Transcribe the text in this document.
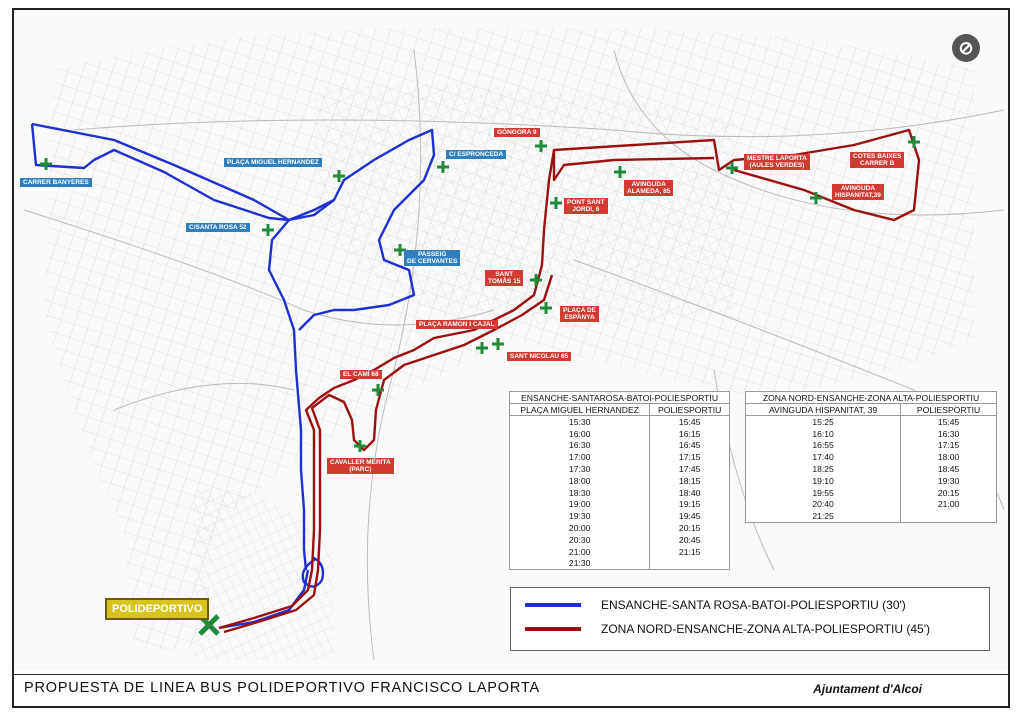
⊘
CARRER BANYERES
PLAÇA MIGUEL HERNANDEZ
C/ ESPRONCEDA
C/SANTA ROSA 52
PASSEIG
DE CERVANTES
GÓNGORA 9
AVINGUDA
ALAMEDA, 85
PONT SANT
JORDI, 6
SANT
TOMÀS 15
PLAÇA DE
ESPANYA
PLAÇA RAMON I CAJAL
SANT NICOLAU 65
EL CAMÍ 68
CAVALLER MÉRITA
(PARC)
MESTRE LAPORTA
(AULES VERDES)
COTES BAIXES
CARRER B
AVINGUDA
HISPANITAT,39
POLIDEPORTIVO
ENSANCHE-SANTAROSA-BATOI-POLIESPORTIU	
PLAÇA MIGUEL HERNANDEZ	POLIESPORTIU
15:30	15:45
16:00	16:15
16:30	16:45
17:00	17:15
17:30	17:45
18:00	18:15
18:30	18:40
19:00	19:15
19:30	19:45
20:00	20:15
20:30	20:45
21:00	21:15
21:30	
ZONA NORD-ENSANCHE-ZONA ALTA-POLIESPORTIU	
AVINGUDA HISPANITAT, 39	POLIESPORTIU
15:25	15:45
16:10	16:30
16:55	17:15
17:40	18:00
18:25	18:45
19:10	19:30
19:55	20:15
20:40	21:00
21:25	
ENSANCHE-SANTA ROSA-BATOI-POLIESPORTIU (30')
ZONA NORD-ENSANCHE-ZONA ALTA-POLIESPORTIU (45')
PROPUESTA DE LINEA BUS POLIDEPORTIVO FRANCISCO LAPORTA	Ajuntament d'Alcoi
